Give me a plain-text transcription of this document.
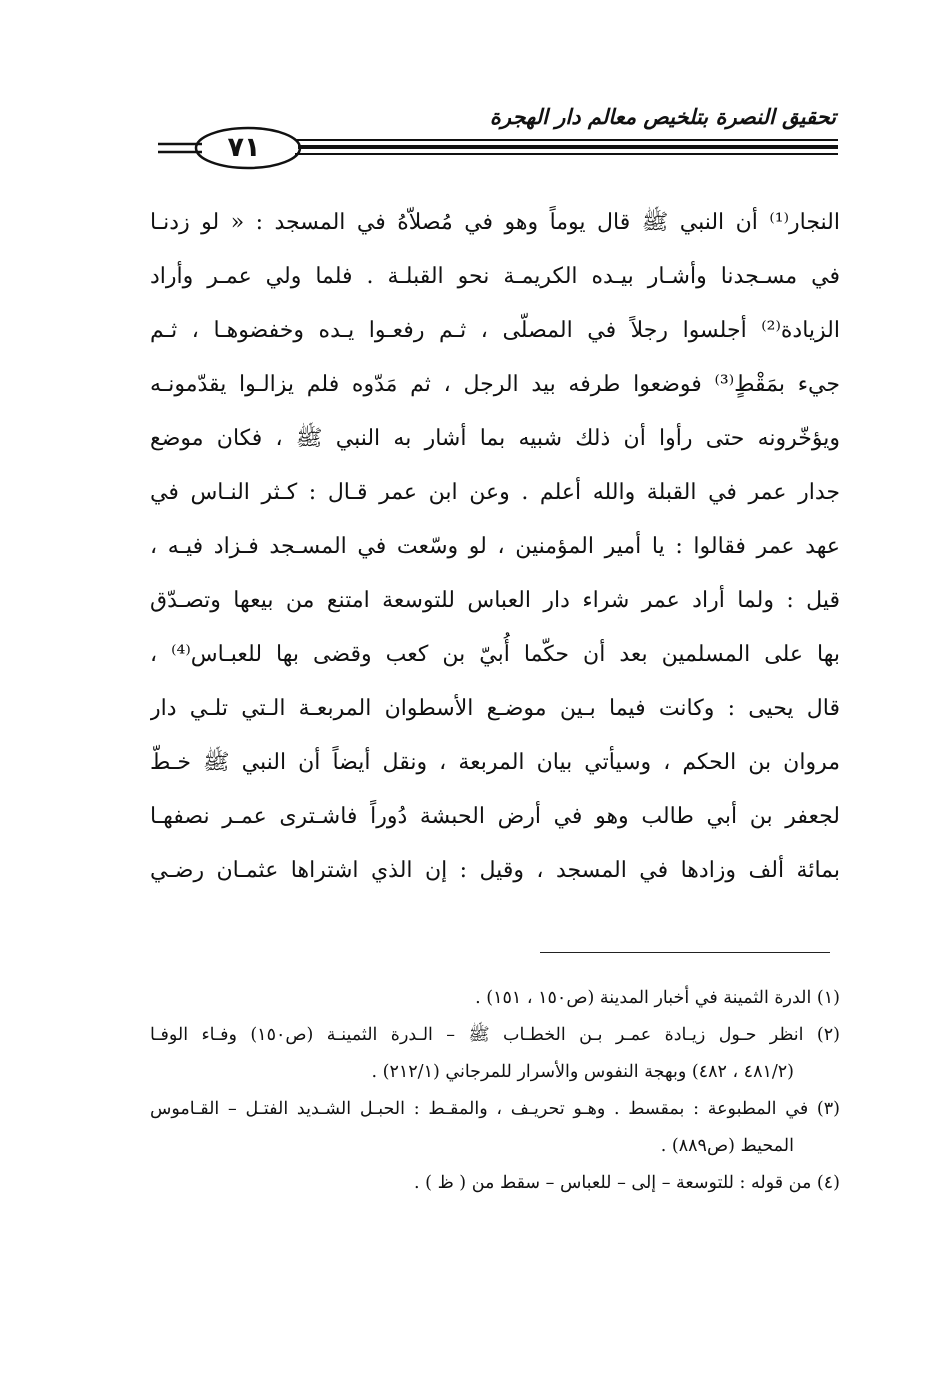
تحقيق النصرة بتلخيص معالم دار الهجرة
٧١
النجار⁽¹⁾ أن النبي ﷺ قال يوماً وهو في مُصلاّهُ في المسجد : « لو زدنـا
في مسـجدنا وأشـار بيـده الكريمـة نحو القبلـة . فلما ولي عمـر وأراد
الزيادة⁽²⁾ أجلسوا رجلاً في المصلّى ، ثـم رفعـوا يـده وخفضوهـا ، ثـم
جيء بمَقْطٍ⁽³⁾ فوضعوا طرفه بيد الرجل ، ثم مَدّوه فلم يزالـوا يقدّمونـه
ويؤخّرونه حتى رأوا أن ذلك شبيه بما أشار به النبي ﷺ ، فكان موضع
جدار عمر في القبلة والله أعلم . وعن ابن عمر قـال : كـثر النـاس في
عهد عمر فقالوا : يا أمير المؤمنين ، لو وسّعت في المسـجد فـزاد فيـه ،
قيل : ولما أراد عمر شراء دار العباس للتوسعة امتنع من بيعها وتصـدّق
بها على المسلمين بعد أن حكّما أُبيّ بن كعب وقضى بها للعبـاس⁽⁴⁾ ،
قال يحيى : وكانت فيما بـين موضـع الأسطوان المربعـة الـتي تلـي دار
مروان بن الحكم ، وسيأتي بيان المربعة ، ونقل أيضاً أن النبي ﷺ خـطّ
لجعفر بن أبي طالب وهو في أرض الحبشة دُوراً فاشـترى عمـر نصفهـا
بمائة ألف وزادها في المسجد ، وقيل : إن الذي اشتراها عثمـان رضـي
(١) الدرة الثمينة في أخبار المدينة (ص١٥٠ ، ١٥١) .
(٢) انظر حـول زيـادة عمـر بـن الخطـاب ﷺ – الـدرة الثمينـة (ص١٥٠) وفـاء الوفـا
(٤٨١/٢ ، ٤٨٢) وبهجة النفوس والأسرار للمرجاني (٢١٢/١) .
(٣) في المطبوعة : بمقسط . وهـو تحريـف ، والمقـط : الحبـل الشـديد الفتـل – القـاموس
المحيط (ص٨٨٩) .
(٤) من قوله : للتوسعة – إلى – للعباس – سقط من ( ظ ) .
